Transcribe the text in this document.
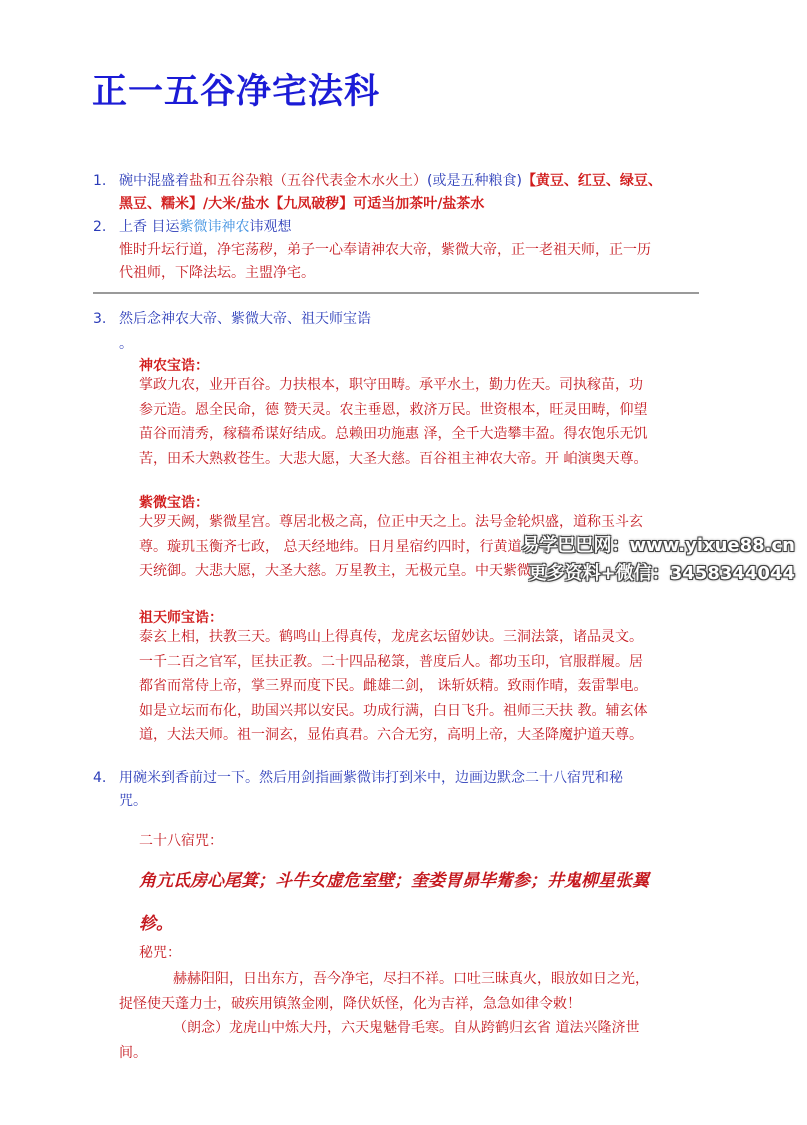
正一五谷净宅法科
1. 碗中混盛着盐和五谷杂粮（五谷代表金木水火土）(或是五种粮食)【黄豆、红豆、绿豆、
黑豆、糯米】/大米/盐水【九凤破秽】可适当加茶叶/盐茶水
2. 上香 目运紫微讳神农讳观想
惟时升坛行道，净宅荡秽，弟子一心奉请神农大帝，紫微大帝，正一老祖天师，正一历
代祖师，下降法坛。主盟净宅。
3. 然后念神农大帝、紫微大帝、祖天师宝诰
。
神农宝诰：
掌政九农，业开百谷。力扶根本，职守田畴。承平水土，勤力佐天。司执稼苗，功
参元造。恩全民命，德 赞天灵。农主垂恩，救济万民。世资根本，旺灵田畴，仰望
苗谷而清秀，稼穑希谋好结成。总赖田功施惠 泽，全千大造攀丰盈。得农饱乐无饥
苦，田禾大熟救苍生。大悲大愿，大圣大慈。百谷祖主神农大帝。开 岶演奥天尊。
紫微宝诰：
大罗天阙，紫微星宫。尊居北极之高，位正中天之上。法号金轮炽盛，道称玉斗玄
尊。璇玑玉衡齐七政， 总天经地纬。日月星宿约四时，行黄道
天统御。大悲大愿，大圣大慈。万星教主，无极元皇。中天紫微
祖天师宝诰：
泰玄上相，扶教三天。鹤鸣山上得真传，龙虎玄坛留妙诀。三洞法箓，诸品灵文。
一千二百之官军，匡扶正教。二十四品秘箓，普度后人。都功玉印，官服群履。居
都省而常侍上帝，掌三界而度下民。雌雄二剑， 诛斩妖精。致雨作晴，轰雷掣电。
如是立坛而布化，助国兴邦以安民。功成行满，白日飞升。祖师三天扶 教。辅玄体
道，大法天师。祖一洞玄，显佑真君。六合无穷，高明上帝，大圣降魔护道天尊。
4. 用碗米到香前过一下。然后用剑指画紫微讳打到米中，边画边默念二十八宿咒和秘
咒。
二十八宿咒：
角亢氐房心尾箕；斗牛女虚危室壁；奎娄胃昴毕觜参；井鬼柳星张翼
轸。
秘咒：
赫赫阳阳，日出东方，吾今净宅，尽扫不祥。口吐三昧真火，眼放如日之光，
捉怪使天蓬力士，破疾用镇煞金刚，降伏妖怪，化为吉祥，急急如律令敕！
（朗念）龙虎山中炼大丹，六天鬼魅骨毛寒。自从跨鹤归玄省 道法兴隆济世
间。
易学巴巴网：www.yixue88.cn
更多资料+微信：3458344044
